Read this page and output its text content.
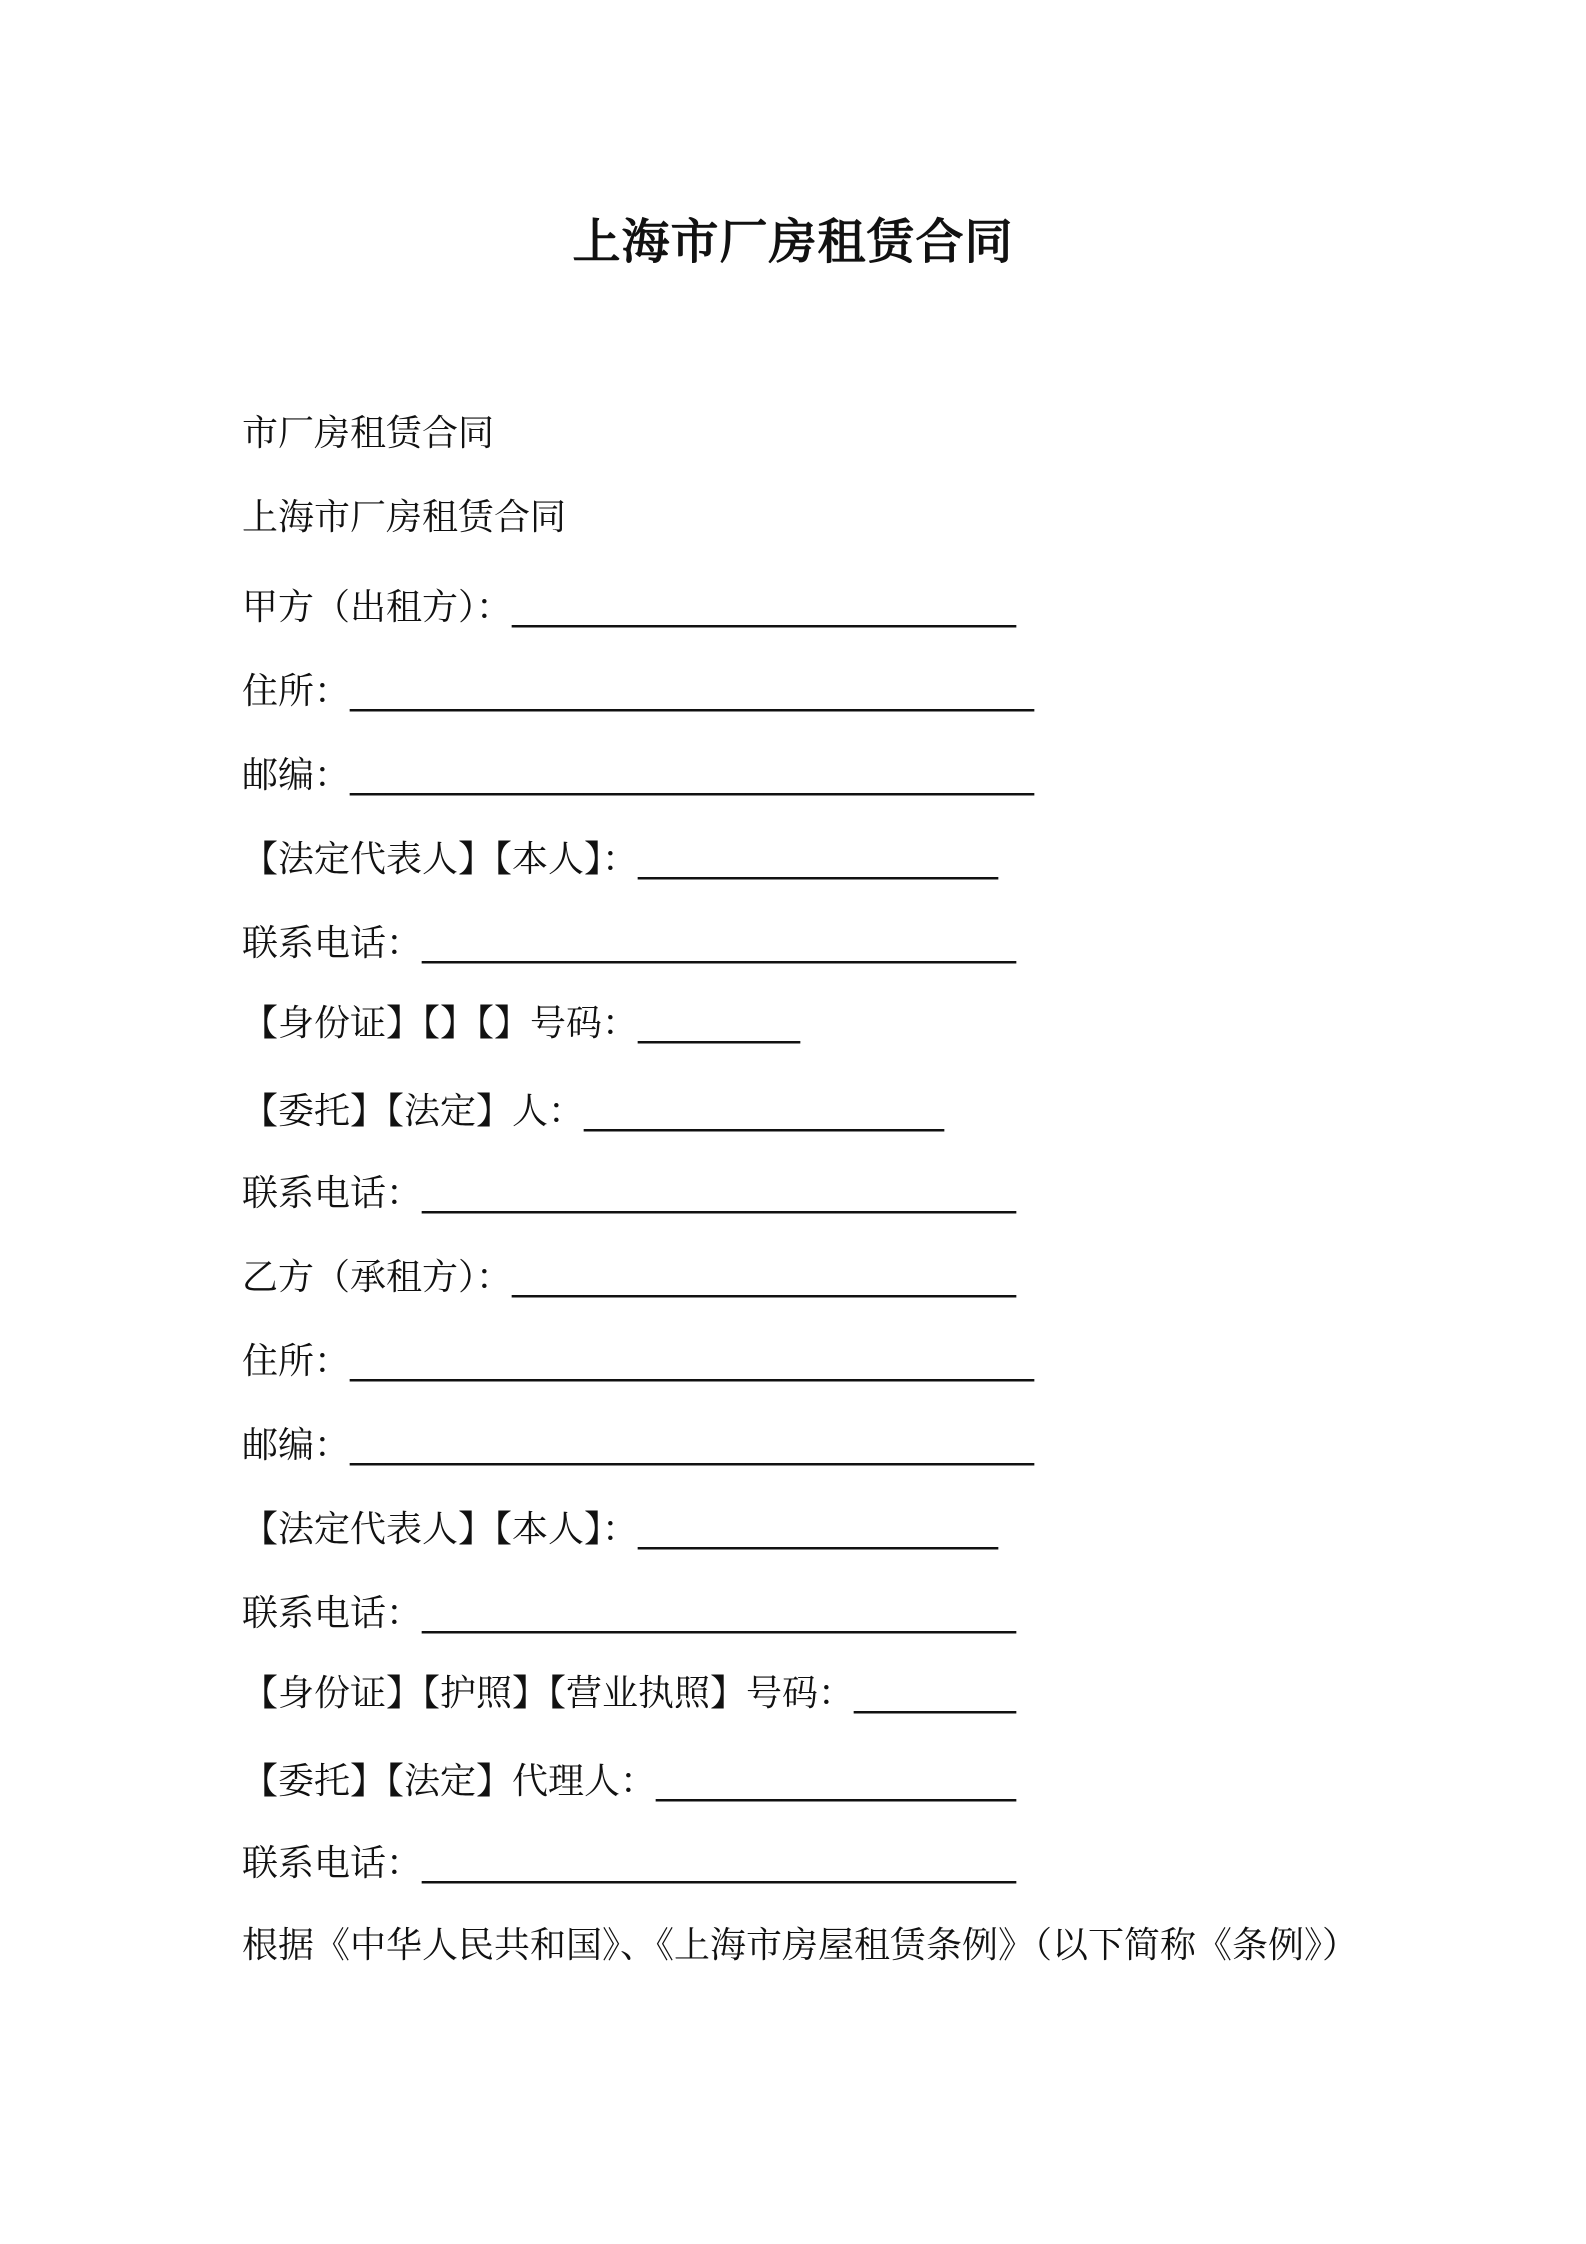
上海市厂房租赁合同

市厂房租赁合同

上海市厂房租赁合同

甲方（出租方）：____________________________

住所：______________________________________

邮编：______________________________________

【法定代表人】【本人】：____________________

联系电话：_________________________________

【身份证】【】【】号码：_________

【委托】【法定】人：____________________

联系电话：_________________________________

乙方（承租方）：____________________________

住所：______________________________________

邮编：______________________________________

【法定代表人】【本人】：____________________

联系电话：_________________________________

【身份证】【护照】【营业执照】号码：_________

【委托】【法定】代理人：____________________

联系电话：_________________________________

根据《中华人民共和国》、《上海市房屋租赁条例》（以下简称《条例》）
